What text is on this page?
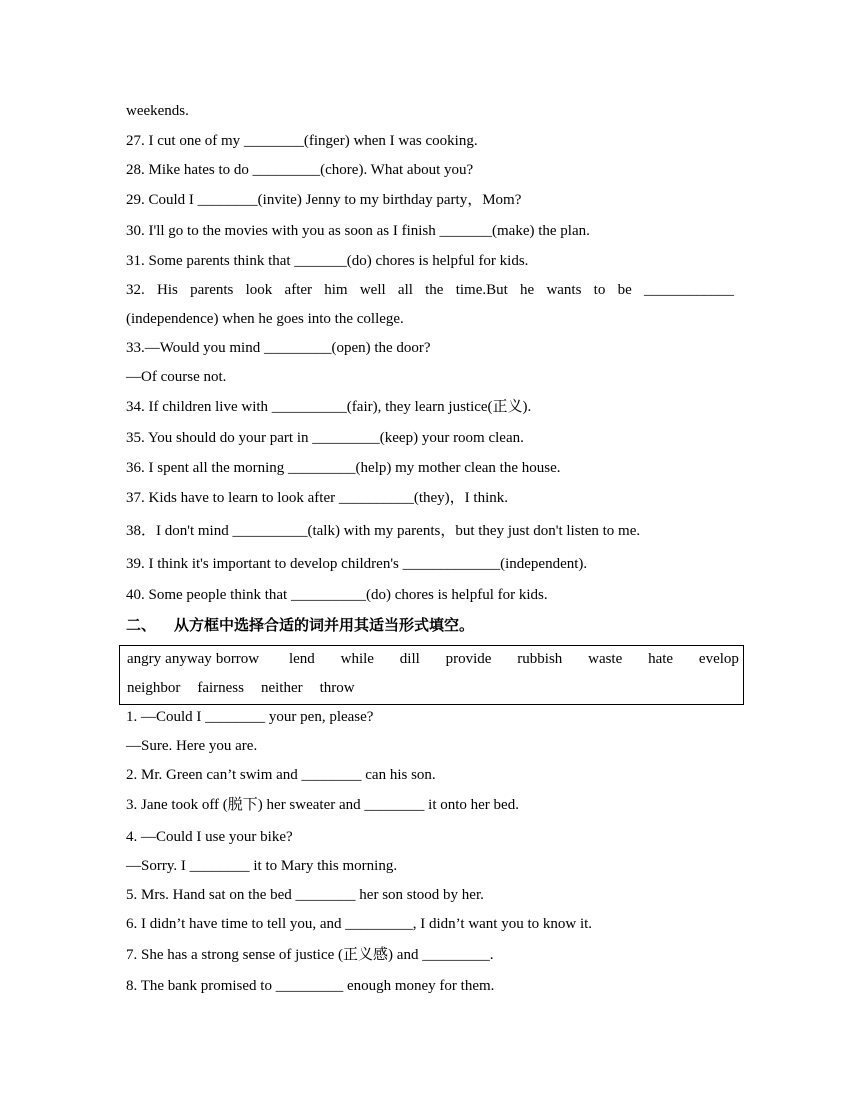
weekends.
27. I cut one of my ________(finger) when I was cooking.
28. Mike hates to do _________(chore). What about you?
29. Could I ________(invite) Jenny to my birthday party，Mom?
30. I'll go to the movies with you as soon as I finish _______(make) the plan.
31. Some parents think that _______(do) chores is helpful for kids.
32. His parents look after him well all the time.But he wants to be ____________
(independence) when he goes into the college.
33.—Would you mind _________(open) the door?
—Of course not.
34. If children live with __________(fair), they learn justice(正义).
35. You should do your part in _________(keep) your room clean.
36. I spent all the morning _________(help) my mother clean the house.
37. Kids have to learn to look after __________(they)，I think.
38．I don't mind __________(talk) with my parents，but they just don't listen to me.
39. I think it's important to develop children's _____________(independent).
40. Some people think that __________(do) chores is helpful for kids.
二、 从方框中选择合适的词并用其适当形式填空。
angry anyway borrow lend while dill provide rubbish waste hate evelop
neighbor fairness neither throw
1. —Could I ________ your pen, please?
—Sure. Here you are.
2. Mr. Green can’t swim and ________ can his son.
3. Jane took off (脱下) her sweater and ________ it onto her bed.
4. —Could I use your bike?
—Sorry. I ________ it to Mary this morning.
5. Mrs. Hand sat on the bed ________ her son stood by her.
6. I didn’t have time to tell you, and _________, I didn’t want you to know it.
7. She has a strong sense of justice (正义感) and _________.
8. The bank promised to _________ enough money for them.
